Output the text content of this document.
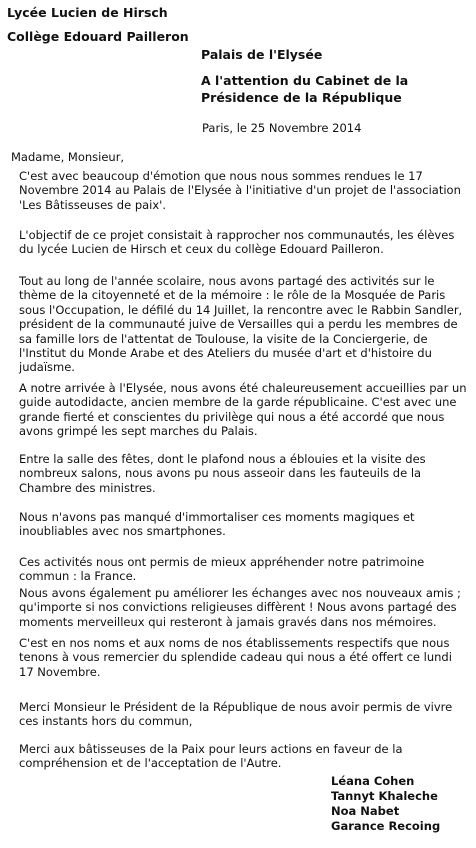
Lycée Lucien de Hirsch

Collège Edouard Pailleron

Palais de l'Elysée

A l'attention du Cabinet de la

Présidence de la République

Paris, le 25 Novembre 2014

Madame, Monsieur,

C'est avec beaucoup d'émotion que nous nous sommes rendues le 17
Novembre 2014 au Palais de l'Elysée à l'initiative d'un projet de l'association
'Les Bâtisseuses de paix'.

L'objectif de ce projet consistait à rapprocher nos communautés, les élèves
du lycée Lucien de Hirsch et ceux du collège Edouard Pailleron.

Tout au long de l'année scolaire, nous avons partagé des activités sur le
thème de la citoyenneté et de la mémoire : le rôle de la Mosquée de Paris
sous l'Occupation, le défilé du 14 Juillet, la rencontre avec le Rabbin Sandler,
président de la communauté juive de Versailles qui a perdu les membres de
sa famille lors de l'attentat de Toulouse, la visite de la Conciergerie, de
l'Institut du Monde Arabe et des Ateliers du musée d'art et d'histoire du
judaïsme.

A notre arrivée à l'Elysée, nous avons été chaleureusement accueillies par un
guide autodidacte, ancien membre de la garde républicaine. C'est avec une
grande fierté et conscientes du privilège qui nous a été accordé que nous
avons grimpé les sept marches du Palais.

Entre la salle des fêtes, dont le plafond nous a éblouies et la visite des
nombreux salons, nous avons pu nous asseoir dans les fauteuils de la
Chambre des ministres.

Nous n'avons pas manqué d'immortaliser ces moments magiques et
inoubliables avec nos smartphones.

Ces activités nous ont permis de mieux appréhender notre patrimoine
commun : la France.

Nous avons également pu améliorer les échanges avec nos nouveaux amis ;
qu'importe si nos convictions religieuses diffèrent ! Nous avons partagé des
moments merveilleux qui resteront à jamais gravés dans nos mémoires.

C'est en nos noms et aux noms de nos établissements respectifs que nous
tenons à vous remercier du splendide cadeau qui nous a été offert ce lundi
17 Novembre.

Merci Monsieur le Président de la République de nous avoir permis de vivre
ces instants hors du commun,

Merci aux bâtisseuses de la Paix pour leurs actions en faveur de la
compréhension et de l'acceptation de l'Autre.

Léana Cohen
Tannyt Khaleche
Noa Nabet
Garance Recoing
